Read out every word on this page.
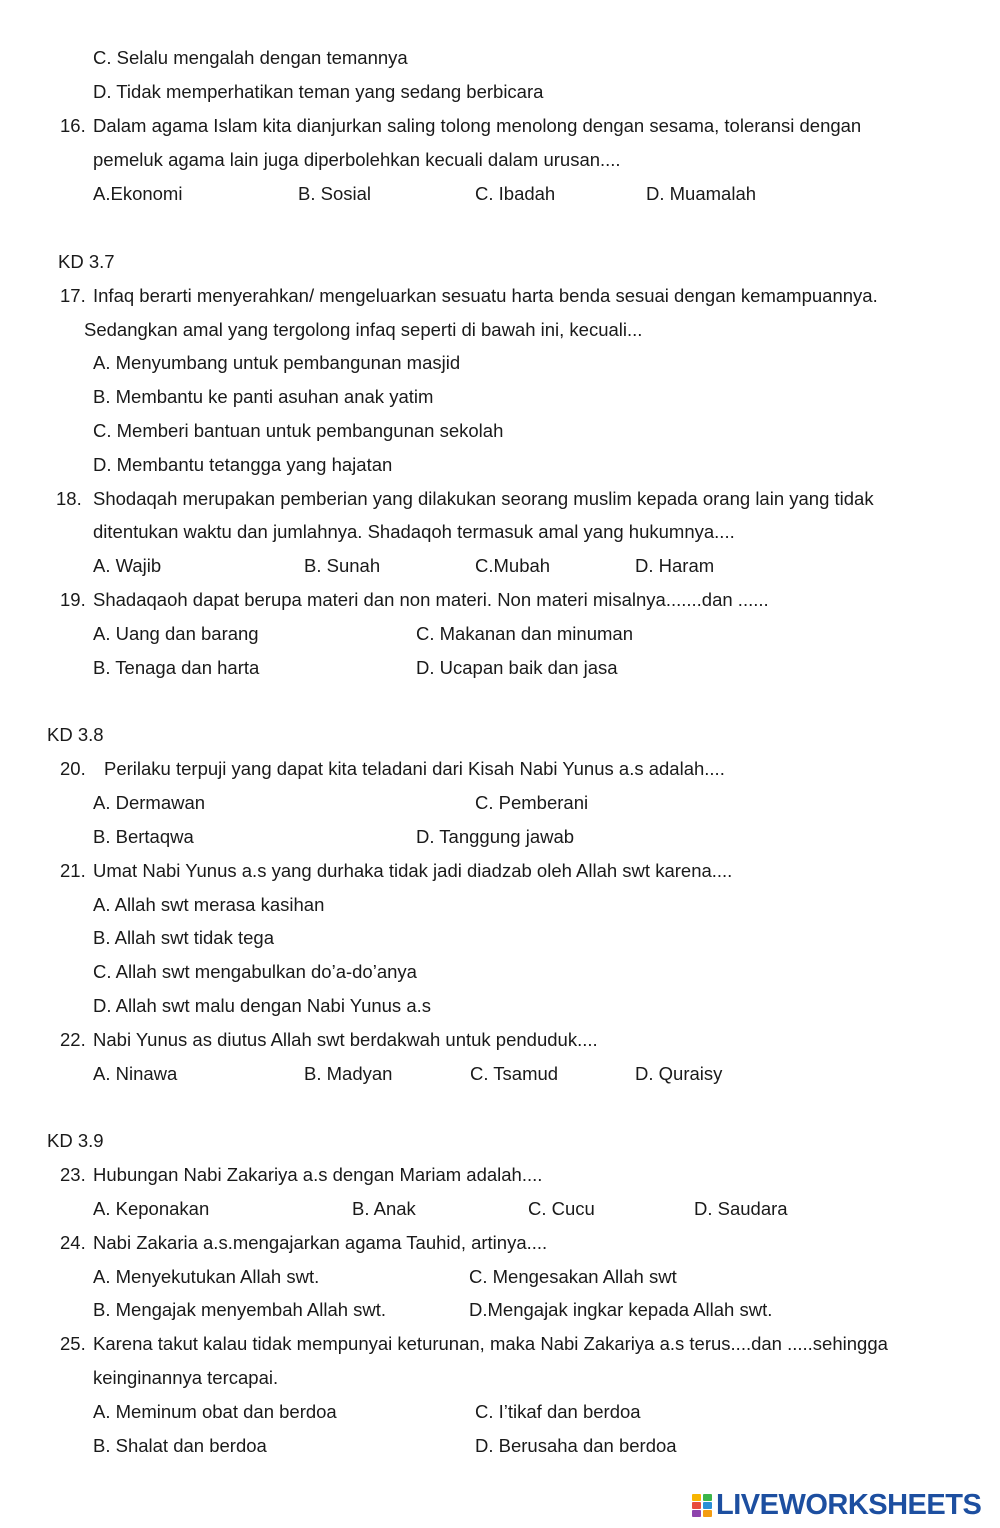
C. Selalu mengalah dengan temannya
D. Tidak memperhatikan teman yang sedang berbicara
16. Dalam agama Islam kita dianjurkan saling tolong menolong dengan sesama, toleransi dengan
pemeluk agama lain juga diperbolehkan kecuali dalam urusan....
A.Ekonomi	B. Sosial	C. Ibadah	D. Muamalah
KD 3.7
17. Infaq berarti menyerahkan/ mengeluarkan sesuatu harta benda sesuai dengan kemampuannya.
Sedangkan amal yang tergolong infaq seperti di bawah ini, kecuali...
A. Menyumbang untuk pembangunan masjid
B. Membantu ke panti asuhan anak yatim
C. Memberi bantuan untuk pembangunan sekolah
D. Membantu tetangga yang hajatan
18. Shodaqah merupakan pemberian yang dilakukan seorang muslim kepada orang lain yang tidak
ditentukan waktu dan jumlahnya. Shadaqoh termasuk amal yang hukumnya....
A. Wajib	B. Sunah	C.Mubah	D. Haram
19. Shadaqaoh dapat berupa materi dan non materi. Non materi misalnya.......dan ......
A. Uang dan barang	C. Makanan dan minuman
B. Tenaga dan harta	D. Ucapan baik dan jasa
KD 3.8
20. Perilaku terpuji yang dapat kita teladani dari Kisah Nabi Yunus a.s adalah....
A. Dermawan	C. Pemberani
B. Bertaqwa	D. Tanggung jawab
21. Umat Nabi Yunus a.s yang durhaka tidak jadi diadzab oleh Allah swt karena....
A. Allah swt merasa kasihan
B. Allah swt tidak tega
C. Allah swt mengabulkan do’a-do’anya
D. Allah swt malu dengan Nabi Yunus a.s
22. Nabi Yunus as diutus Allah swt berdakwah untuk penduduk....
A. Ninawa	B. Madyan	C. Tsamud	D. Quraisy
KD 3.9
23. Hubungan Nabi Zakariya a.s dengan Mariam adalah....
A. Keponakan	B. Anak	C. Cucu	D. Saudara
24. Nabi Zakaria a.s.mengajarkan agama Tauhid, artinya....
A. Menyekutukan Allah swt.	C. Mengesakan Allah swt
B. Mengajak menyembah Allah swt.	D.Mengajak ingkar kepada Allah swt.
25. Karena takut kalau tidak mempunyai keturunan, maka Nabi Zakariya a.s terus....dan .....sehingga
keinginannya tercapai.
A. Meminum obat dan berdoa	C. I’tikaf dan berdoa
B. Shalat dan berdoa	D. Berusaha dan berdoa
LIVEWORKSHEETS
